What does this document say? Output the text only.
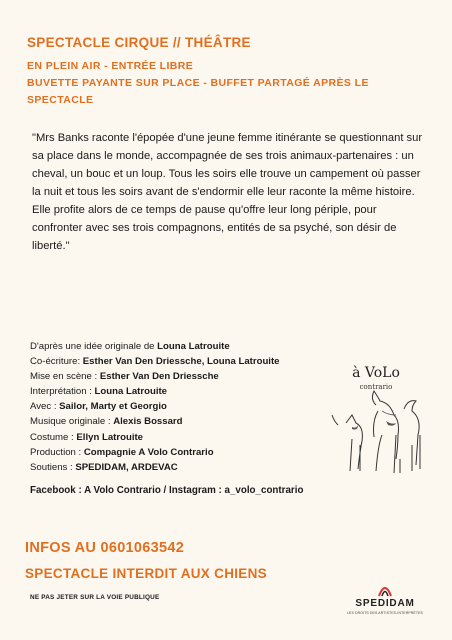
SPECTACLE CIRQUE // THÉÂTRE
EN PLEIN AIR - ENTRÉE LIBRE
BUVETTE PAYANTE SUR PLACE - BUFFET PARTAGÉ APRÈS LE
SPECTACLE

"Mrs Banks raconte l'épopée d'une jeune femme itinérante se questionnant sur sa place dans le monde, accompagnée de ses trois animaux-partenaires : un cheval, un bouc et un loup. Tous les soirs elle trouve un campement où passer la nuit et tous les soirs avant de s'endormir elle leur raconte la même histoire.

Elle profite alors de ce temps de pause qu'offre leur long périple, pour confronter avec ses trois compagnons, entités de sa psyché, son désir de liberté."

D'après une idée originale de Louna Latrouite
Co-écriture: Esther Van Den Driessche, Louna Latrouite
Mise en scène : Esther Van Den Driessche
Interprétation : Louna Latrouite
Avec : Sailor, Marty et Georgio
Musique originale : Alexis Bossard
Costume : Ellyn Latrouite
Production : Compagnie A Volo Contrario
Soutiens : SPEDIDAM, ARDEVAC
à VoLo
contrario
Facebook : A Volo Contrario / Instagram : a_volo_contrario
INFOS AU 0601063542
SPECTACLE INTERDIT AUX CHIENS
NE PAS JETER SUR LA VOIE PUBLIQUE
SPEDIDAM
LES DROITS DES ARTISTES-INTERPRÈTES
